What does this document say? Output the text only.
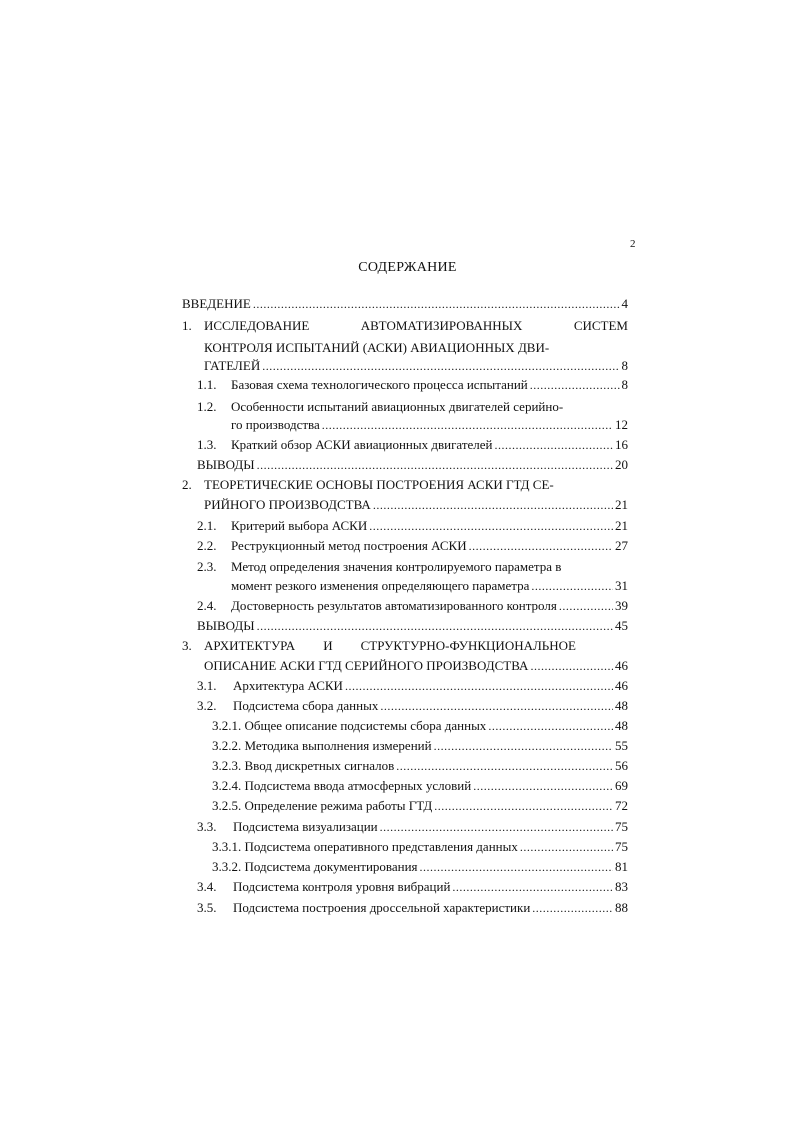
2
СОДЕРЖАНИЕ
ВВЕДЕНИЕ .....	4
1. ИССЛЕДОВАНИЕ	АВТОМАТИЗИРОВАННЫХ	СИСТЕМ
КОНТРОЛЯ ИСПЫТАНИЙ (АСКИ) АВИАЦИОННЫХ ДВИ-
ГАТЕЛЕЙ .....	8
1.1.	Базовая схема технологического процесса испытаний .....	8
1.2.	Особенности испытаний авиационных двигателей серийно-
го производства .....	12
1.3.	Краткий обзор АСКИ авиационных двигателей .....	16
ВЫВОДЫ .....	20
2. ТЕОРЕТИЧЕСКИЕ ОСНОВЫ ПОСТРОЕНИЯ АСКИ ГТД СЕ-
РИЙНОГО ПРОИЗВОДСТВА .....	21
2.1.	Критерий выбора АСКИ .....	21
2.2.	Реструкционный метод построения АСКИ .....	27
2.3.	Метод определения значения контролируемого параметра в
момент резкого изменения определяющего параметра .....	31
2.4.	Достоверность результатов автоматизированного контроля .....	39
ВЫВОДЫ .....	45
3. АРХИТЕКТУРА И СТРУКТУРНО-ФУНКЦИОНАЛЬНОЕ
ОПИСАНИЕ АСКИ ГТД СЕРИЙНОГО ПРОИЗВОДСТВА .....	46
3.1.	Архитектура АСКИ .....	46
3.2.	Подсистема сбора данных .....	48
3.2.1. Общее описание подсистемы сбора данных .....	48
3.2.2. Методика выполнения измерений .....	55
3.2.3. Ввод дискретных сигналов .....	56
3.2.4. Подсистема ввода атмосферных условий .....	69
3.2.5. Определение режима работы ГТД .....	72
3.3.	Подсистема визуализации .....	75
3.3.1. Подсистема оперативного представления данных .....	75
3.3.2. Подсистема документирования .....	81
3.4.	Подсистема контроля уровня вибраций .....	83
3.5.	Подсистема построения дроссельной характеристики .....	88
